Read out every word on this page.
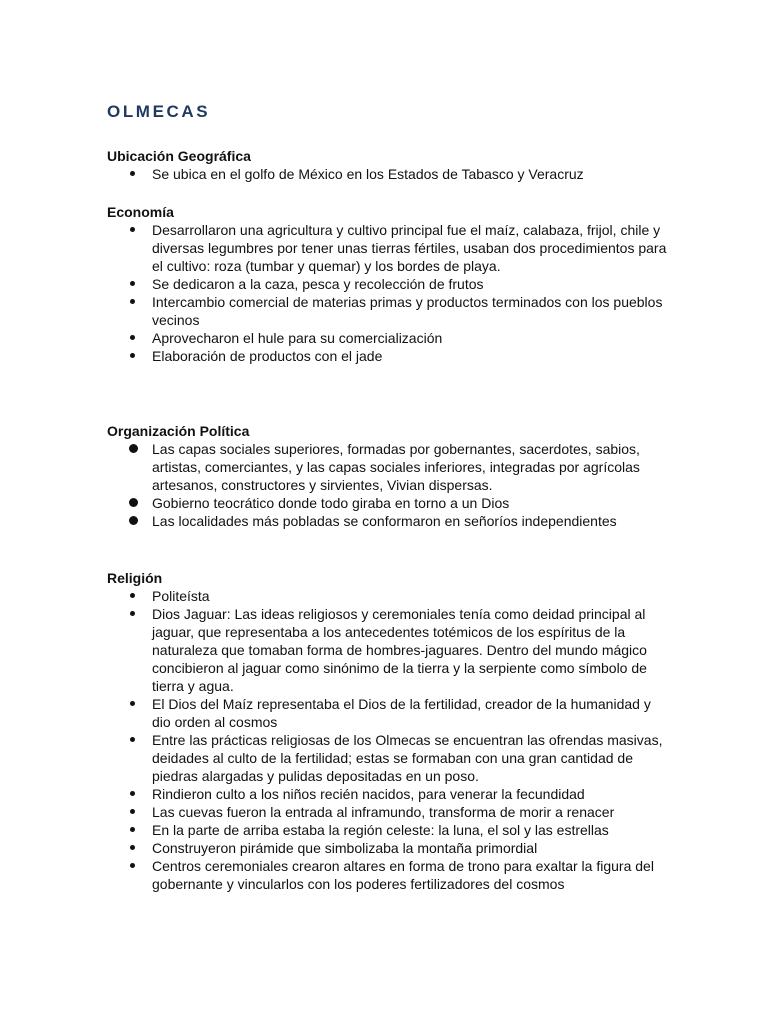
OLMECAS
Ubicación Geográfica
Se ubica en el golfo de México en los Estados de Tabasco y Veracruz
Economía
Desarrollaron una agricultura y cultivo principal fue el maíz, calabaza, frijol, chile y diversas legumbres por tener unas tierras fértiles, usaban dos procedimientos para el cultivo: roza (tumbar y quemar) y los bordes de playa.
Se dedicaron a la caza, pesca y recolección de frutos
Intercambio comercial de materias primas y productos terminados con los pueblos vecinos
Aprovecharon el hule para su comercialización
Elaboración de productos con el jade
Organización Política
Las capas sociales superiores, formadas por gobernantes, sacerdotes, sabios, artistas, comerciantes, y las capas sociales inferiores, integradas por agrícolas artesanos, constructores y sirvientes, Vivian dispersas.
Gobierno teocrático donde todo giraba en torno a un Dios
Las localidades más pobladas se conformaron en señoríos independientes
Religión
Politeísta
Dios Jaguar: Las ideas religiosos y ceremoniales tenía como deidad principal al jaguar, que representaba a los antecedentes totémicos de los espíritus de la naturaleza que tomaban forma de hombres-jaguares. Dentro del mundo mágico concibieron al jaguar como sinónimo de la tierra y la serpiente como símbolo de tierra y agua.
El Dios del Maíz representaba el Dios de la fertilidad, creador de la humanidad y dio orden al cosmos
Entre las prácticas religiosas de los Olmecas se encuentran las ofrendas masivas, deidades al culto de la fertilidad; estas se formaban con una gran cantidad de piedras alargadas y pulidas depositadas en un poso.
Rindieron culto a los niños recién nacidos, para venerar la fecundidad
Las cuevas fueron la entrada al inframundo, transforma de morir a renacer
En la parte de arriba estaba la región celeste: la luna, el sol y las estrellas
Construyeron pirámide que simbolizaba la montaña primordial
Centros ceremoniales crearon altares en forma de trono para exaltar la figura del gobernante y vincularlos con los poderes fertilizadores del cosmos
